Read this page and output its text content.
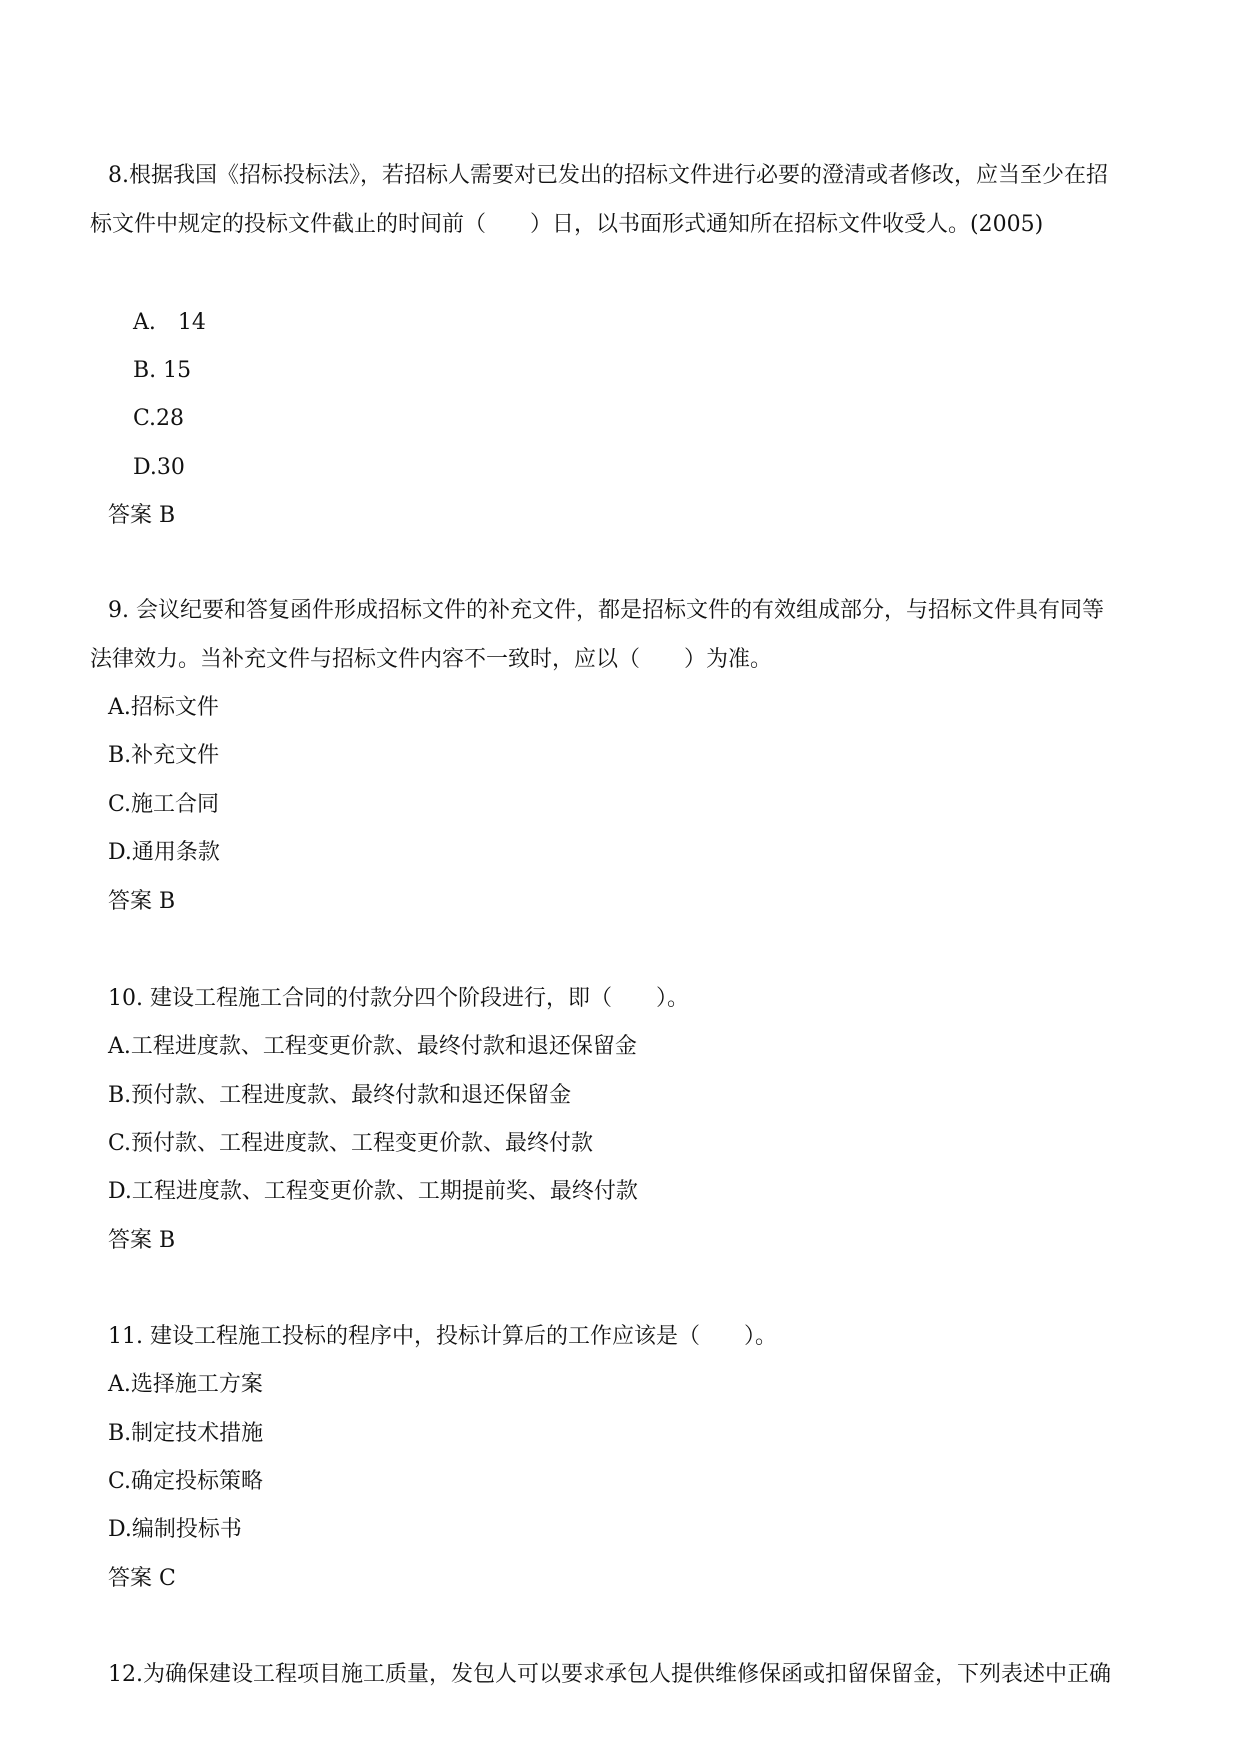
8.根据我国《招标投标法》，若招标人需要对已发出的招标文件进行必要的澄清或者修改，应当至少在招

标文件中规定的投标文件截止的时间前（　　）日，以书面形式通知所在招标文件收受人。(2005)

A.　14

B. 15

C.28

D.30

答案 B

9. 会议纪要和答复函件形成招标文件的补充文件，都是招标文件的有效组成部分，与招标文件具有同等

法律效力。当补充文件与招标文件内容不一致时，应以（　　）为准。

A.招标文件

B.补充文件

C.施工合同

D.通用条款

答案 B

10. 建设工程施工合同的付款分四个阶段进行，即（　　）。

A.工程进度款、工程变更价款、最终付款和退还保留金

B.预付款、工程进度款、最终付款和退还保留金

C.预付款、工程进度款、工程变更价款、最终付款

D.工程进度款、工程变更价款、工期提前奖、最终付款

答案 B

11. 建设工程施工投标的程序中，投标计算后的工作应该是（　　）。

A.选择施工方案

B.制定技术措施

C.确定投标策略

D.编制投标书

答案 C

12.为确保建设工程项目施工质量，发包人可以要求承包人提供维修保函或扣留保留金，下列表述中正确
